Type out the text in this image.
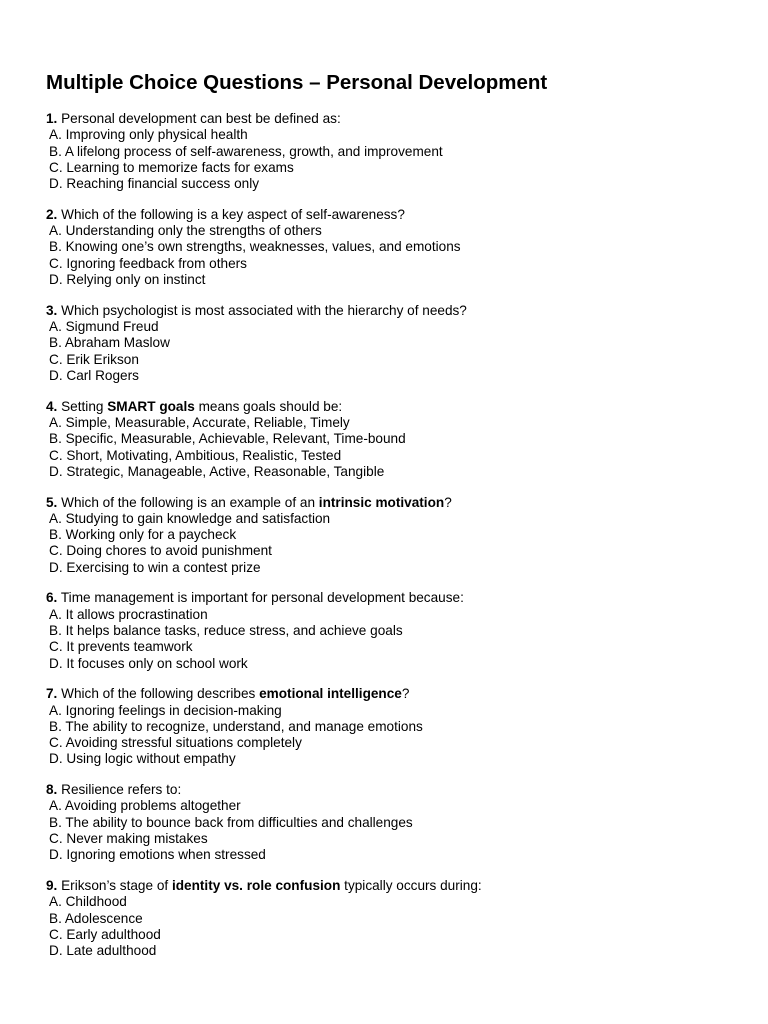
Multiple Choice Questions – Personal Development
1. Personal development can best be defined as:
A. Improving only physical health
B. A lifelong process of self-awareness, growth, and improvement
C. Learning to memorize facts for exams
D. Reaching financial success only
2. Which of the following is a key aspect of self-awareness?
A. Understanding only the strengths of others
B. Knowing one’s own strengths, weaknesses, values, and emotions
C. Ignoring feedback from others
D. Relying only on instinct
3. Which psychologist is most associated with the hierarchy of needs?
A. Sigmund Freud
B. Abraham Maslow
C. Erik Erikson
D. Carl Rogers
4. Setting SMART goals means goals should be:
A. Simple, Measurable, Accurate, Reliable, Timely
B. Specific, Measurable, Achievable, Relevant, Time-bound
C. Short, Motivating, Ambitious, Realistic, Tested
D. Strategic, Manageable, Active, Reasonable, Tangible
5. Which of the following is an example of an intrinsic motivation?
A. Studying to gain knowledge and satisfaction
B. Working only for a paycheck
C. Doing chores to avoid punishment
D. Exercising to win a contest prize
6. Time management is important for personal development because:
A. It allows procrastination
B. It helps balance tasks, reduce stress, and achieve goals
C. It prevents teamwork
D. It focuses only on school work
7. Which of the following describes emotional intelligence?
A. Ignoring feelings in decision-making
B. The ability to recognize, understand, and manage emotions
C. Avoiding stressful situations completely
D. Using logic without empathy
8. Resilience refers to:
A. Avoiding problems altogether
B. The ability to bounce back from difficulties and challenges
C. Never making mistakes
D. Ignoring emotions when stressed
9. Erikson’s stage of identity vs. role confusion typically occurs during:
A. Childhood
B. Adolescence
C. Early adulthood
D. Late adulthood
